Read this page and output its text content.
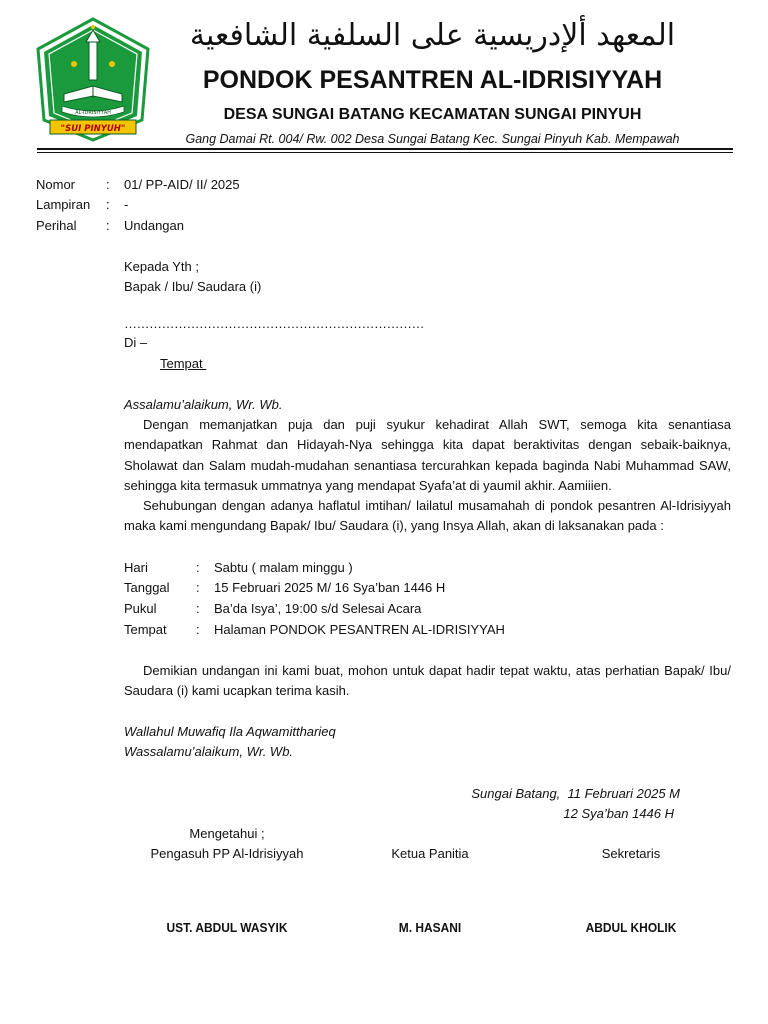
AL-IDRISIYYAH
"SUI PINYUH"
المعهد ألإدريسية على السلفية الشافعية
PONDOK PESANTREN AL-IDRISIYYAH
DESA SUNGAI BATANG KECAMATAN SUNGAI PINYUH
Gang Damai Rt. 004/ Rw. 002 Desa Sungai Batang Kec. Sungai Pinyuh Kab. Mempawah
Nomor : 01/ PP-AID/ II/ 2025
Lampiran : -
Perihal : Undangan
Kepada Yth ;
Bapak / Ibu/ Saudara (i)
………………………………………………………………
Di –
Tempat
Assalamu’alaikum, Wr. Wb.
Dengan memanjatkan puja dan puji syukur kehadirat Allah SWT, semoga kita senantiasa mendapatkan Rahmat dan Hidayah-Nya sehingga kita dapat beraktivitas dengan sebaik-baiknya, Sholawat dan Salam mudah-mudahan senantiasa tercurahkan kepada baginda Nabi Muhammad SAW, sehingga kita termasuk ummatnya yang mendapat Syafa’at di yaumil akhir. Aamiiien.
Sehubungan dengan adanya haflatul imtihan/ lailatul musamahah di pondok pesantren Al-Idrisiyyah maka kami mengundang Bapak/ Ibu/ Saudara (i), yang Insya Allah, akan di laksanakan pada :
Hari	: Sabtu ( malam minggu )
Tanggal : 15 Februari 2025 M/ 16 Sya’ban 1446 H
Pukul	: Ba’da Isya’, 19:00 s/d Selesai Acara
Tempat : Halaman PONDOK PESANTREN AL-IDRISIYYAH
Demikian undangan ini kami buat, mohon untuk dapat hadir tepat waktu, atas perhatian Bapak/ Ibu/ Saudara (i) kami ucapkan terima kasih.
Wallahul Muwafiq Ila Aqwamittharieq
Wassalamu’alaikum, Wr. Wb.
Sungai Batang,  11 Februari 2025 M
12 Sya’ban 1446 H
Mengetahui ;
Pengasuh PP Al-Idrisiyyah	Ketua Panitia	Sekretaris
UST. ABDUL WASYIK	M. HASANI	ABDUL KHOLIK
